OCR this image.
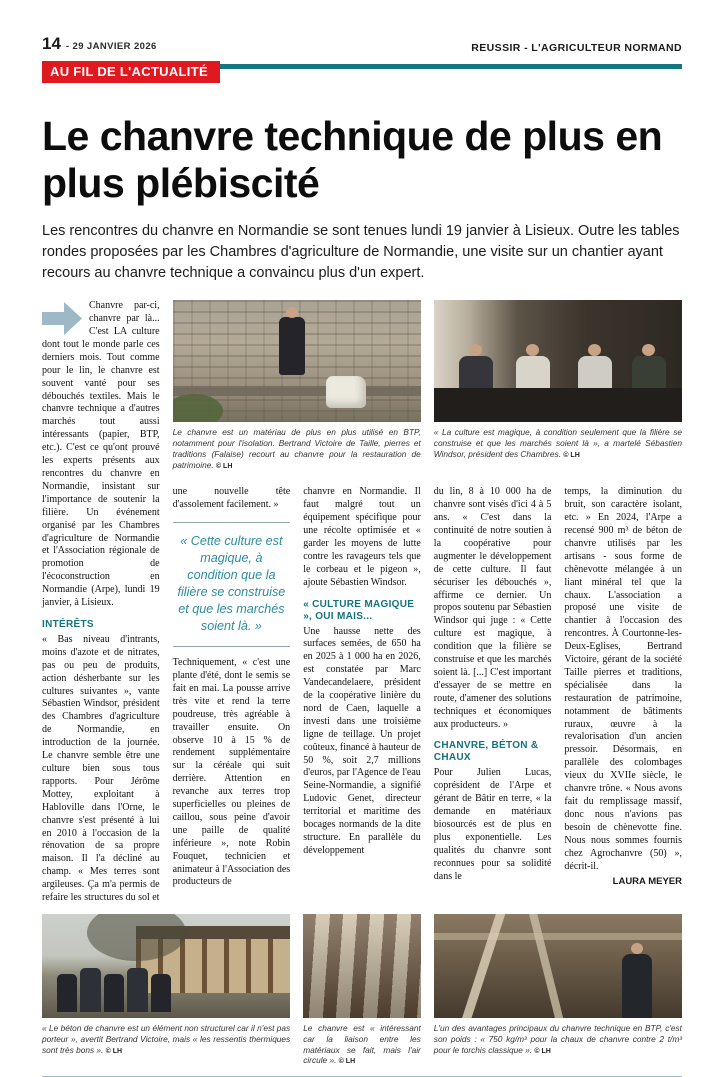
14 - 29 JANVIER 2026	REUSSIR - L'AGRICULTEUR NORMAND
AU FIL DE L'ACTUALITÉ
Le chanvre technique de plus en plus plébiscité

Les rencontres du chanvre en Normandie se sont tenues lundi 19 janvier à Lisieux. Outre les tables rondes proposées par les Chambres d'agriculture de Normandie, une visite sur un chantier ayant recours au chanvre technique a convaincu plus d'un expert.

Chanvre par-ci, chanvre par là... C'est LA culture dont tout le monde parle ces derniers mois. Tout comme pour le lin, le chanvre est souvent vanté pour ses débouchés textiles. Mais le chanvre technique a d'autres marchés tout aussi intéressants (papier, BTP, etc.). C'est ce qu'ont prouvé les experts présents aux rencontres du chanvre en Normandie, insistant sur l'importance de soutenir la filière. Un événement organisé par les Chambres d'agriculture de Normandie et l'Association régionale de promotion de l'écoconstruction en Normandie (Arpe), lundi 19 janvier, à Lisieux.

INTÉRÊTS

« Bas niveau d'intrants, moins d'azote et de nitrates, pas ou peu de produits, action désherbante sur les cultures suivantes », vante Sébastien Windsor, président des Chambres d'agriculture de Normandie, en introduction de la journée. Le chanvre semble être une culture bien sous tous rapports. Pour Jérôme Mottey, exploitant à Habloville dans l'Orne, le chanvre s'est présenté à lui en 2010 à l'occasion de la rénovation de sa propre maison. Il l'a décliné au champ. « Mes terres sont argileuses. Ça m'a permis de refaire les structures du sol et

Le chanvre est un matériau de plus en plus utilisé en BTP, notamment pour l'isolation. Bertrand Victoire de Taille, pierres et traditions (Falaise) recourt au chanvre pour la restauration de patrimoine. © LH
« La culture est magique, à condition seulement que la filière se construise et que les marchés soient là », a martelé Sébastien Windsor, président des Chambres. © LH

une nouvelle tête d'assolement facilement. »

« Cette culture est magique, à condition que la filière se construise et que les marchés soient là. »

Techniquement, « c'est une plante d'été, dont le semis se fait en mai. La pousse arrive très vite et rend la terre poudreuse, très agréable à travailler ensuite. On observe 10 à 15 % de rendement supplémentaire sur la céréale qui suit derrière. Attention en revanche aux terres trop superficielles ou pleines de caillou, sous peine d'avoir une paille de qualité inférieure », note Robin Fouquet, technicien et animateur à l'Association des producteurs de

chanvre en Normandie. Il faut malgré tout un équipement spécifique pour une récolte optimisée et « garder les moyens de lutte contre les ravageurs tels que le corbeau et le pigeon », ajoute Sébastien Windsor.

« CULTURE MAGIQUE », OUI MAIS...

Une hausse nette des surfaces semées, de 650 ha en 2025 à 1 000 ha en 2026, est constatée par Marc Vandecandelaere, président de la coopérative linière du nord de Caen, laquelle a investi dans une troisième ligne de teillage. Un projet coûteux, financé à hauteur de 50 %, soit 2,7 millions d'euros, par l'Agence de l'eau Seine-Normandie, a signifié Ludovic Genet, directeur territorial et maritime des bocages normands de la dite structure. En parallèle du développement

du lin, 8 à 10 000 ha de chanvre sont visés d'ici 4 à 5 ans. « C'est dans la continuité de notre soutien à la coopérative pour augmenter le développement de cette culture. Il faut sécuriser les débouchés », affirme ce dernier. Un propos soutenu par Sébastien Windsor qui juge : « Cette culture est magique, à condition que la filière se construise et que les marchés soient là. [...] C'est important d'essayer de se mettre en route, d'amener des solutions techniques et économiques aux producteurs. »

CHANVRE, BÉTON & CHAUX

Pour Julien Lucas, coprésident de l'Arpe et gérant de Bâtir en terre, « la demande en matériaux biosourcés est de plus en plus exponentielle. Les qualités du chanvre sont reconnues pour sa solidité dans le

temps, la diminution du bruit, son caractère isolant, etc. » En 2024, l'Arpe a recensé 900 m³ de béton de chanvre utilisés par les artisans - sous forme de chènevotte mélangée à un liant minéral tel que la chaux. L'association a proposé une visite de chantier à l'occasion des rencontres. À Courtonne-les-Deux-Eglises, Bertrand Victoire, gérant de la société Taille pierres et traditions, spécialisée dans la restauration de patrimoine, notamment de bâtiments ruraux, œuvre à la revalorisation d'un ancien pressoir. Désormais, en parallèle des colombages vieux du XVIIe siècle, le chanvre trône. « Nous avons fait du remplissage massif, donc nous n'avions pas besoin de chènevotte fine. Nous nous sommes fournis chez Agrochanvre (50) », décrit-il.

LAURA MEYER
« Le béton de chanvre est un élément non structurel car il n'est pas porteur », avertit Bertrand Victoire, mais « les ressentis thermiques sont très bons ». © LH
Le chanvre est « intéressant car la liaison entre les matériaux se fait, mais l'air circule ». © LH
L'un des avantages principaux du chanvre technique en BTP, c'est son poids : « 750 kg/m³ pour la chaux de chanvre contre 2 t/m³ pour le torchis classique ». © LH
